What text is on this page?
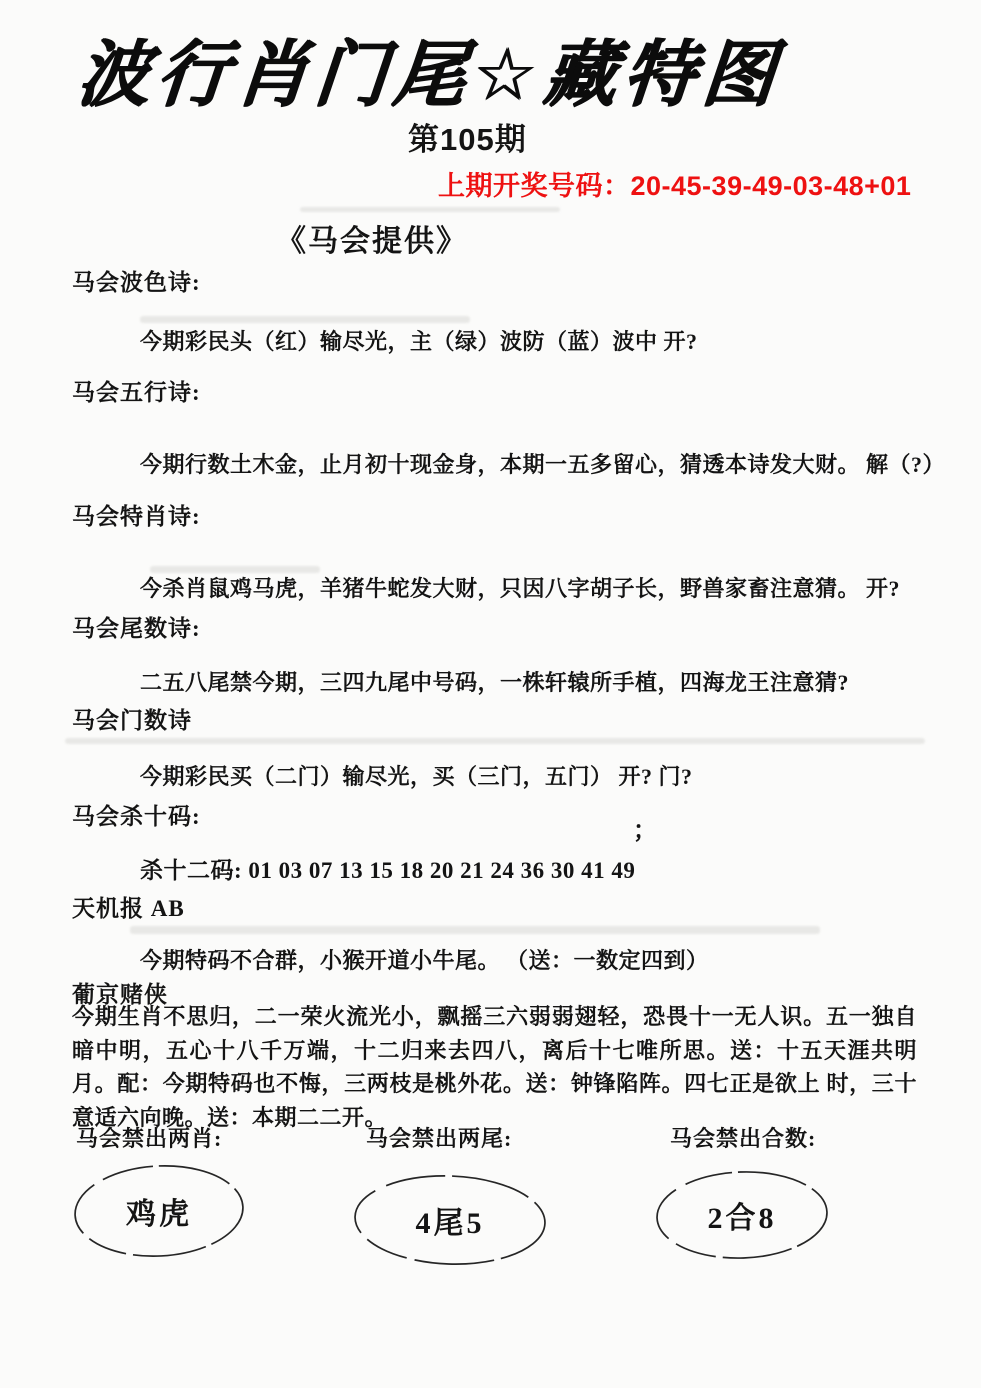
波行肖门尾☆藏特图
第105期
上期开奖号码：20-45-39-49-03-48+01
《马会提供》
马会波色诗:
今期彩民头（红）输尽光，主（绿）波防（蓝）波中 开?
马会五行诗:
今期行数土木金，止月初十现金身，本期一五多留心，猜透本诗发大财。 解（?）
马会特肖诗:
今杀肖鼠鸡马虎，羊猪牛蛇发大财，只因八字胡子长，野兽家畜注意猜。 开?
马会尾数诗:
二五八尾禁今期，三四九尾中号码，一株轩辕所手植，四海龙王注意猜?
马会门数诗
今期彩民买（二门）输尽光，买（三门，五门） 开? 门?
马会杀十码:
；
杀十二码: 01 03 07 13 15 18 20 21 24 36 30 41 49
天机报 AB
今期特码不合群，小猴开道小牛尾。 （送：一数定四到）
葡京赌侠
今期生肖不思归，二一荣火流光小，飘摇三六弱弱翅轻，恐畏十一无人识。五一独自暗中明，五心十八千万端，十二归来去四八，离后十七唯所思。送：十五天涯共明月。配：今期特码也不悔，三两枝是桃外花。送：钟锋陷阵。四七正是欲上 时，三十意适六向晚。送：本期二二开。
马会禁出两肖:	马会禁出两尾:	马会禁出合数:
鸡虎	4尾5	2合8
